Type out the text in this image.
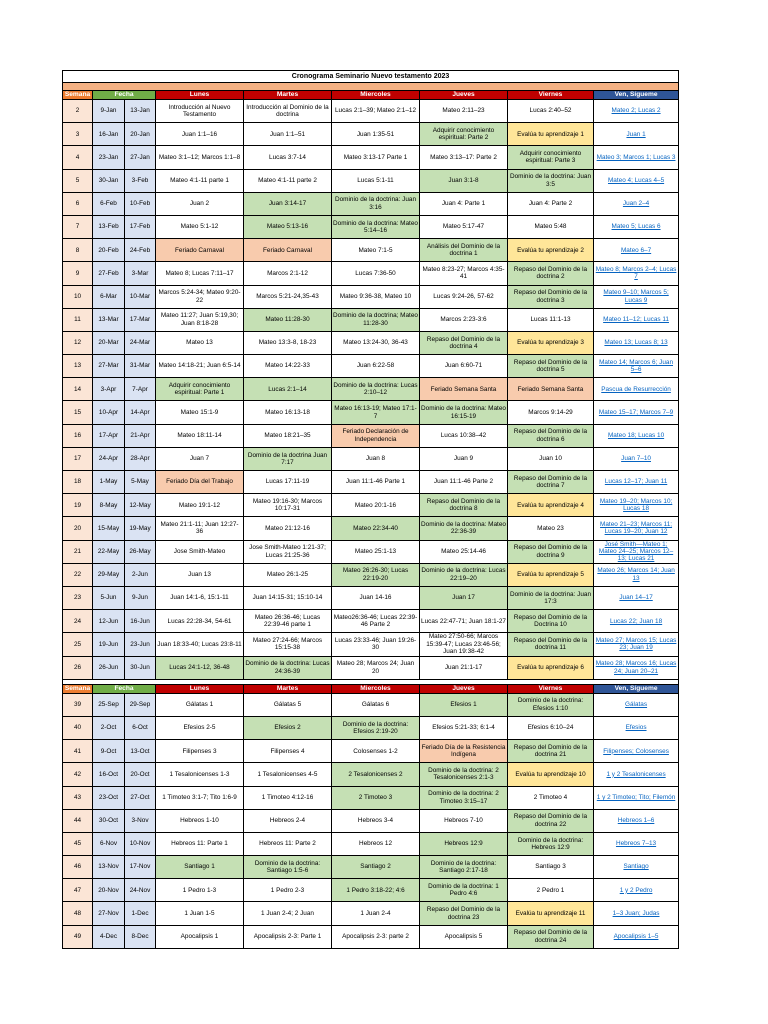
Cronograma Seminario Nuevo testamento 2023								

Semana	Fecha		Lunes	Martes	Miercoles	Jueves	Viernes	Ven, Sígueme
2	9-Jan	13-Jan	Introducción al Nuevo Testamento	Introducción al Dominio de la doctrina	Lucas 2:1–39; Mateo 2:1–12	Mateo 2:11–23	Lucas 2:40–52	Mateo 2; Lucas 2
3	16-Jan	20-Jan	Juan 1:1–16	Juan 1:1–51	Juan 1:35-51	Adquirir conocimiento espiritual: Parte 2	Evalúa tu aprendizaje 1	Juan 1
4	23-Jan	27-Jan	Mateo 3:1–12; Marcos 1:1–8	Lucas 3:7-14	Mateo 3:13-17 Parte 1	Mateo 3:13–17: Parte 2	Adquirir conocimiento espiritual: Parte 3	Mateo 3; Marcos 1; Lucas 3
5	30-Jan	3-Feb	Mateo 4:1-11 parte 1	Mateo 4:1-11 parte 2	Lucas 5:1-11	Juan 3:1-8	Dominio de la doctrina: Juan 3:5	Mateo 4; Lucas 4–5
6	6-Feb	10-Feb	Juan 2	Juan 3:14-17	Dominio de la doctrina: Juan 3:16	Juan 4: Parte 1	Juan 4: Parte 2	Juan 2–4
7	13-Feb	17-Feb	Mateo 5:1-12	Mateo 5:13-16	Dominio de la doctrina: Mateo 5:14–16	Mateo 5:17-47	Mateo 5:48	Mateo 5; Lucas 6
8	20-Feb	24-Feb	Feriado Carnaval	Feriado Carnaval	Mateo 7:1-5	Análisis del Dominio de la doctrina 1	Evalúa tu aprendizaje 2	Mateo 6–7
9	27-Feb	3-Mar	Mateo 8; Lucas 7:11–17	Marcos 2:1-12	Lucas 7:36-50	Mateo 8:23-27; Marcos 4:35-41	Repaso del Dominio de la doctrina 2	Mateo 8; Marcos 2–4; Lucas 7
10	6-Mar	10-Mar	Marcos 5:24-34; Mateo 9:20-22	Marcos 5:21-24,35-43	Mateo 9:36-38, Mateo 10	Lucas 9:24-26, 57-62	Repaso del Dominio de la doctrina 3	Mateo 9–10; Marcos 5; Lucas 9
11	13-Mar	17-Mar	Mateo 11:27; Juan 5:19,30; Juan 8:18-28	Mateo 11:28-30	Dominio de la doctrina; Mateo 11:28-30	Marcos 2:23-3:6	Lucas 11:1-13	Mateo 11–12; Lucas 11
12	20-Mar	24-Mar	Mateo 13	Mateo 13:3-8, 18-23	Mateo 13:24-30, 36-43	Repaso del Dominio de la doctrina 4	Evalúa tu aprendizaje 3	Mateo 13; Lucas 8; 13
13	27-Mar	31-Mar	Mateo 14:18-21; Juan 6:5-14	Mateo 14:22-33	Juan 6:22-58	Juan 6:60-71	Repaso del Dominio de la doctrina 5	Mateo 14; Marcos 6; Juan 5–6
14	3-Apr	7-Apr	Adquirir conocimiento espiritual: Parte 1	Lucas 2:1–14	Dominio de la doctrina: Lucas 2:10–12	Feriado Semana Santa	Feriado Semana Santa	Pascua de Resurrección
15	10-Apr	14-Apr	Mateo 15:1-9	Mateo 16:13-18	Mateo 16:13-19; Mateo 17:1-7	Dominio de la doctrina: Mateo 16:15-19	Marcos 9:14-29	Mateo 15–17; Marcos 7–9
16	17-Apr	21-Apr	Mateo 18:11-14	Mateo 18:21–35	Feriado Declaración de Independencia	Lucas 10:38–42	Repaso del Dominio de la doctrina 6	Mateo 18; Lucas 10
17	24-Apr	28-Apr	Juan 7	Dominio de la doctrina Juan 7:17	Juan 8	Juan 9	Juan 10	Juan 7–10
18	1-May	5-May	Feriado Día del Trabajo	Lucas 17:11-19	Juan 11:1-46 Parte 1	Juan 11:1-46 Parte 2	Repaso del Dominio de la doctrina 7	Lucas 12–17; Juan 11
19	8-May	12-May	Mateo 19:1-12	Mateo 19:16-30; Marcos 10:17-31	Mateo 20:1-16	Repaso del Dominio de la doctrina 8	Evalúa tu aprendizaje 4	Mateo 19–20; Marcos 10; Lucas 18
20	15-May	19-May	Mateo 21:1-11; Juan 12:27-36	Mateo 21:12-16	Mateo 22:34-40	Dominio de la doctrina: Mateo 22:36-39	Mateo 23	Mateo 21–23; Marcos 11; Lucas 19–20; Juan 12
21	22-May	26-May	Jose Smith-Mateo	Jose Smith-Mateo 1:21-37; Lucas 21:25-36	Mateo 25:1-13	Mateo 25:14-46	Repaso del Dominio de la doctrina 9	José Smith—Mateo 1; Mateo 24–25; Marcos 12–13; Lucas 21
22	29-May	2-Jun	Juan 13	Mateo 26:1-25	Mateo 26:26-30; Lucas 22:19-20	Dominio de la doctrina: Lucas 22:19–20	Evalúa tu aprendizaje 5	Mateo 26; Marcos 14; Juan 13
23	5-Jun	9-Jun	Juan 14:1-6, 15:1-11	Juan 14:15-31; 15:10-14	Juan 14-16	Juan 17	Dominio de la doctrina: Juan 17:3	Juan 14–17
24	12-Jun	16-Jun	Lucas 22:28-34, 54-61	Mateo 26:36-46; Lucas 22:39-46 parte 1	Mateo26:36-46; Lucas 22:39-46 Parte 2	Lucas 22:47-71; Juan 18:1-27	Repaso del Dominio de la Doctrina 10	Lucas 22; Juan 18
25	19-Jun	23-Jun	Juan 18:33-40; Lucas 23:8-11	Mateo 27:24-66; Marcos 15:15-38	Lucas 23:33-46; Juan 19:26-30	Mateo 27:50-66; Marcos 15:39-47; Lucas 23:46-56; Juan 19:38-42	Repaso del Dominio de la doctrina 11	Mateo 27; Marcos 15; Lucas 23; Juan 19
26	26-Jun	30-Jun	Lucas 24:1-12, 36-48	Dominio de la doctrina: Lucas 24:36-39	Mateo 28; Marcos 24; Juan 20	Juan 21:1-17	Evalúa tu aprendizaje 6	Mateo 28; Marcos 16; Lucas 24; Juan 20–21

Semana	Fecha		Lunes	Martes	Miercoles	Jueves	Viernes	Ven, Sígueme
39	25-Sep	29-Sep	Gálatas 1	Gálatas 5	Gálatas 6	Efesios 1	Dominio de la doctrina: Efesios 1:10	Gálatas
40	2-Oct	6-Oct	Efesios 2-5	Efesios 2	Dominio de la doctrina: Efesios 2:19-20	Efesios 5:21-33; 6:1-4	Efesios 6:10–24	Efesios
41	9-Oct	13-Oct	Filipenses 3	Filipenses 4	Colosenses 1-2	Feriado Día de la Resistencia Indígena	Repaso del Dominio de la doctrina 21	Filipenses; Colosenses
42	16-Oct	20-Oct	1 Tesalonicenses 1-3	1 Tesalonicenses 4-5	2 Tesalonicenses 2	Dominio de la doctrina: 2 Tesalonicenses 2:1-3	Evalúa tu aprendizaje 10	1 y 2 Tesalonicenses
43	23-Oct	27-Oct	1 Timoteo 3:1-7; Tito 1:6-9	1 Timoteo 4:12-16	2 Timoteo 3	Dominio de la doctrina: 2 Timoteo 3:15–17	2 Timoteo 4	1 y 2 Timoteo; Tito; Filemón
44	30-Oct	3-Nov	Hebreos 1-10	Hebreos 2-4	Hebreos 3-4	Hebreos 7-10	Repaso del Dominio de la doctrina 22	Hebreos 1–6
45	6-Nov	10-Nov	Hebreos 11: Parte 1	Hebreos 11: Parte 2	Hebreos 12	Hebreos 12:9	Dominio de la doctrina: Hebreos 12:9	Hebreos 7–13
46	13-Nov	17-Nov	Santiago 1	Dominio de la doctrina: Santiago 1:5-6	Santiago 2	Dominio de la doctrina: Santiago 2:17-18	Santiago 3	Santiago
47	20-Nov	24-Nov	1 Pedro 1-3	1 Pedro 2-3	1 Pedro 3:18-22; 4:6	Dominio de la doctrina: 1 Pedro 4:6	2 Pedro 1	1 y 2 Pedro
48	27-Nov	1-Dec	1 Juan 1-5	1 Juan 2-4; 2 Juan	1 Juan 2-4	Repaso del Dominio de la doctrina 23	Evalúa tu aprendizaje 11	1–3 Juan; Judas
49	4-Dec	8-Dec	Apocalipsis 1	Apocalipsis 2-3: Parte 1	Apocalipsis 2-3: parte 2	Apocalipsis 5	Repaso del Dominio de la doctrina 24	Apocalipsis 1–5
